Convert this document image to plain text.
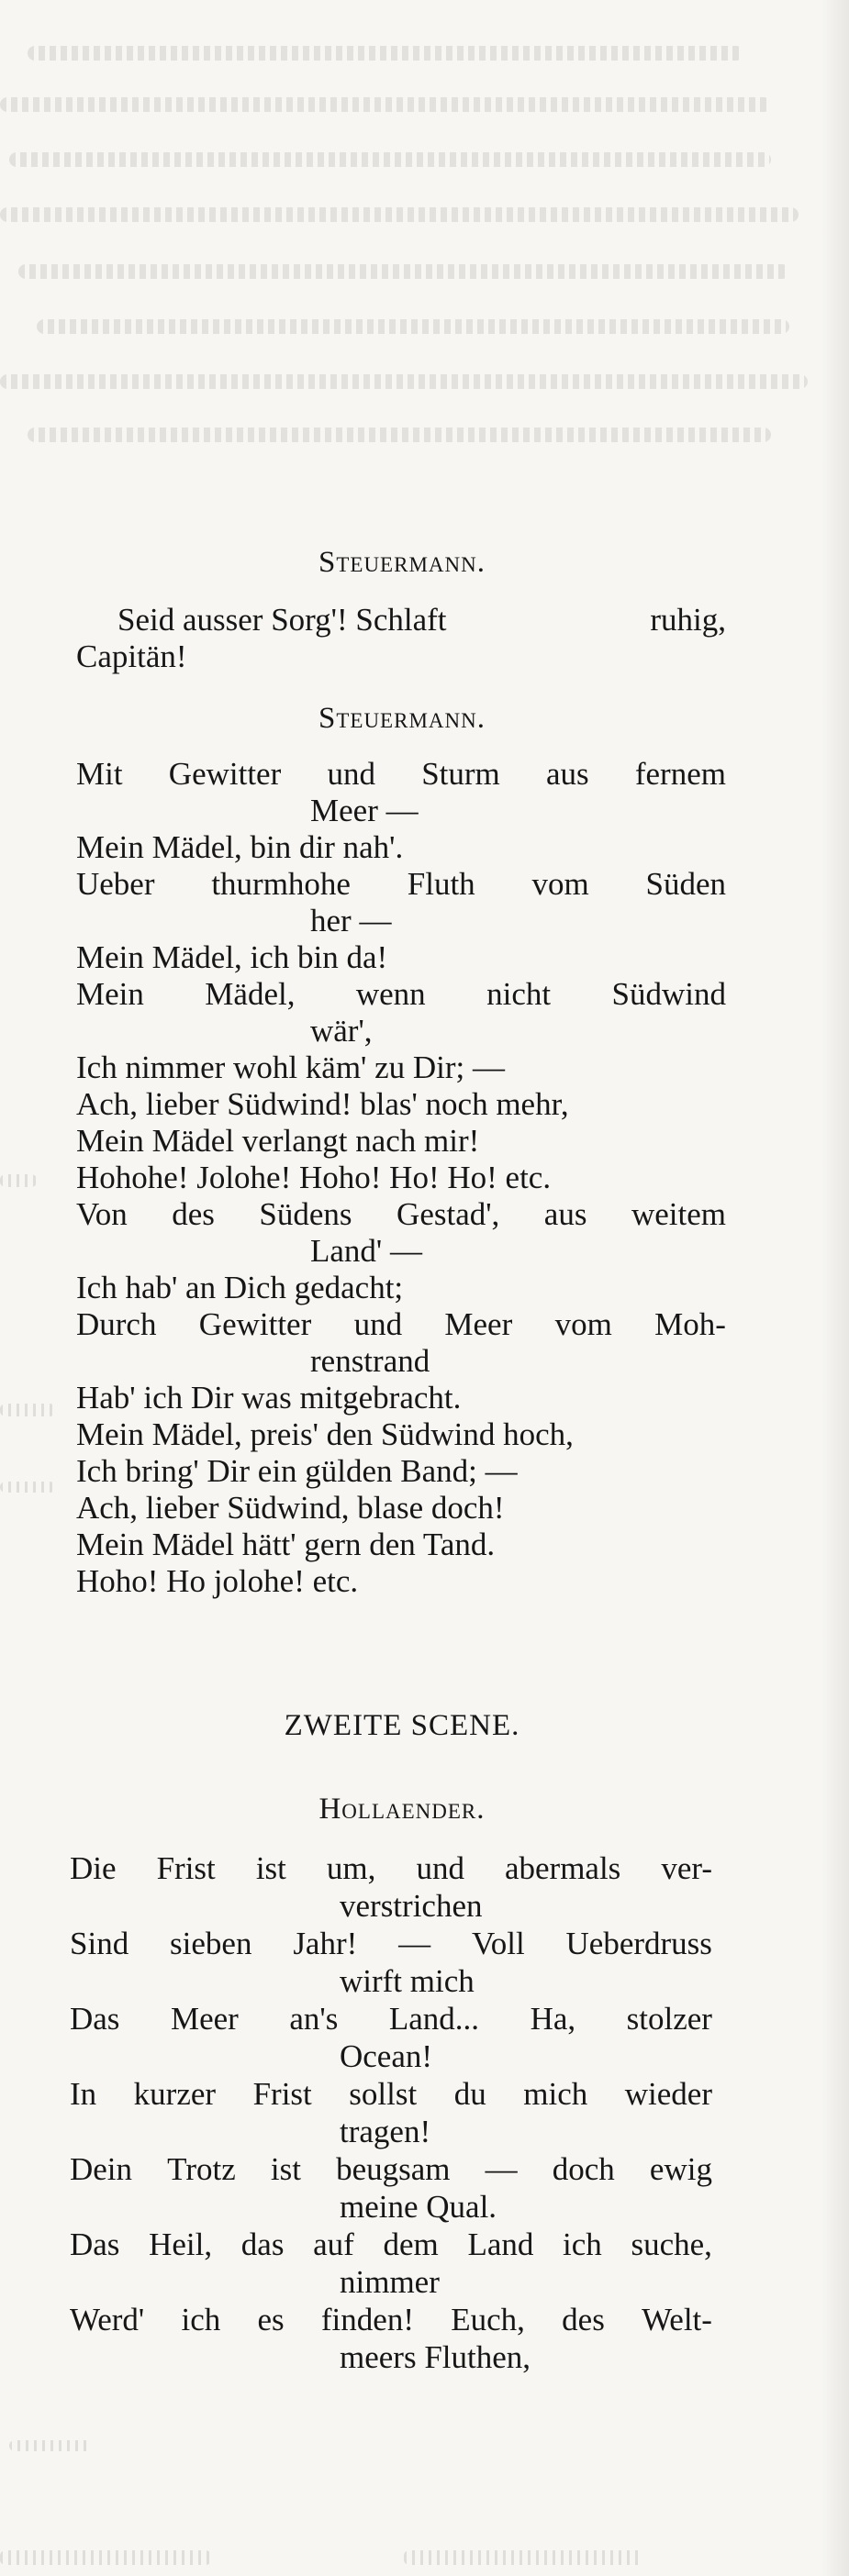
Steuermann.
Seid ausser Sorg'! Schlaft	ruhig,
Capitän!
Steuermann.
Mit Gewitter und Sturm aus fernem
Meer —
Mein Mädel, bin dir nah'.
Ueber thurmhohe Fluth vom Süden
her —
Mein Mädel, ich bin da!
Mein Mädel, wenn nicht Südwind
wär',
Ich nimmer wohl käm' zu Dir; —
Ach, lieber Südwind! blas' noch mehr,
Mein Mädel verlangt nach mir!
Hohohe! Jolohe! Hoho! Ho! Ho! etc.
Von des Südens Gestad', aus weitem
Land' —
Ich hab' an Dich gedacht;
Durch Gewitter und Meer vom Moh-
renstrand
Hab' ich Dir was mitgebracht.
Mein Mädel, preis' den Südwind hoch,
Ich bring' Dir ein gülden Band; —
Ach, lieber Südwind, blase doch!
Mein Mädel hätt' gern den Tand.
Hoho! Ho jolohe! etc.
ZWEITE SCENE.
Hollaender.
Die Frist ist um, und abermals ver-
verstrichen
Sind sieben Jahr! — Voll Ueberdruss
wirft mich
Das Meer an's Land... Ha, stolzer
Ocean!
In kurzer Frist sollst du mich wieder
tragen!
Dein Trotz ist beugsam — doch ewig
meine Qual.
Das Heil, das auf dem Land ich suche,
nimmer
Werd' ich es finden! Euch, des Welt-
meers Fluthen,
